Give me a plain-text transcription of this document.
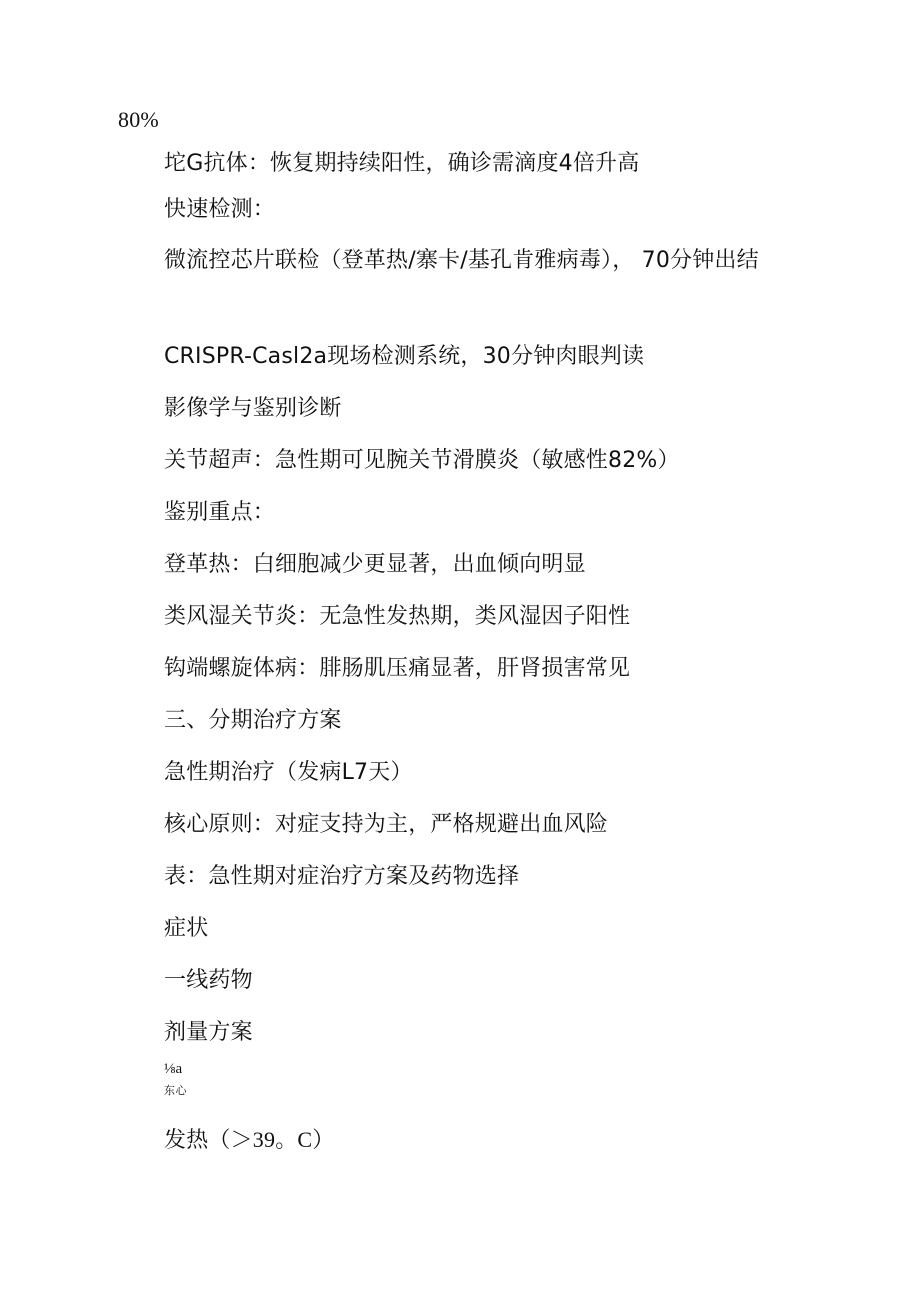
80%
坨G抗体：恢复期持续阳性，确诊需滴度4倍升高
快速检测：
微流控芯片联检（登革热/寨卡/基孔肯雅病毒）， 70分钟出结
CRISPR-Casl2a现场检测系统，30分钟肉眼判读
影像学与鉴别诊断
关节超声：急性期可见腕关节滑膜炎（敏感性82%）
鉴别重点：
登革热：白细胞减少更显著，出血倾向明显
类风湿关节炎：无急性发热期，类风湿因子阳性
钩端螺旋体病：腓肠肌压痛显著，肝肾损害常见
三、分期治疗方案
急性期治疗（发病L7天）
核心原则：对症支持为主，严格规避出血风险
表：急性期对症治疗方案及药物选择
症状
一线药物
剂量方案
⅛a
东心
发热（＞39。C）
